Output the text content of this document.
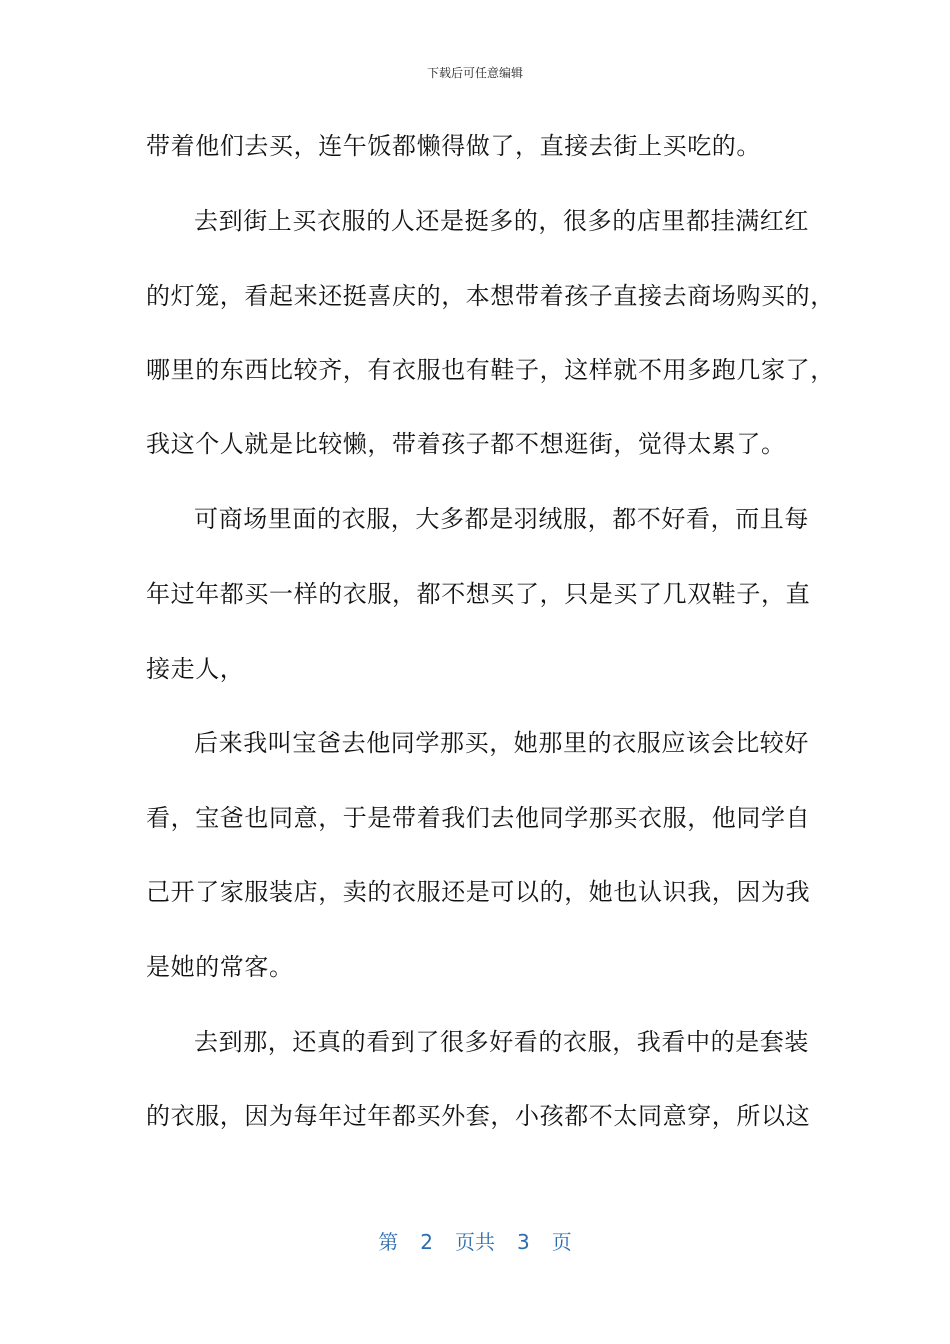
下载后可任意编辑
带着他们去买，连午饭都懒得做了，直接去街上买吃的。
去到街上买衣服的人还是挺多的，很多的店里都挂满红红
的灯笼，看起来还挺喜庆的，本想带着孩子直接去商场购买的，
哪里的东西比较齐，有衣服也有鞋子，这样就不用多跑几家了，
我这个人就是比较懒，带着孩子都不想逛街，觉得太累了。
可商场里面的衣服，大多都是羽绒服，都不好看，而且每
年过年都买一样的衣服，都不想买了，只是买了几双鞋子，直
接走人，
后来我叫宝爸去他同学那买，她那里的衣服应该会比较好
看，宝爸也同意，于是带着我们去他同学那买衣服，他同学自
己开了家服装店，卖的衣服还是可以的，她也认识我，因为我
是她的常客。
去到那，还真的看到了很多好看的衣服，我看中的是套装
的衣服，因为每年过年都买外套，小孩都不太同意穿，所以这
第 2 页共 3 页
